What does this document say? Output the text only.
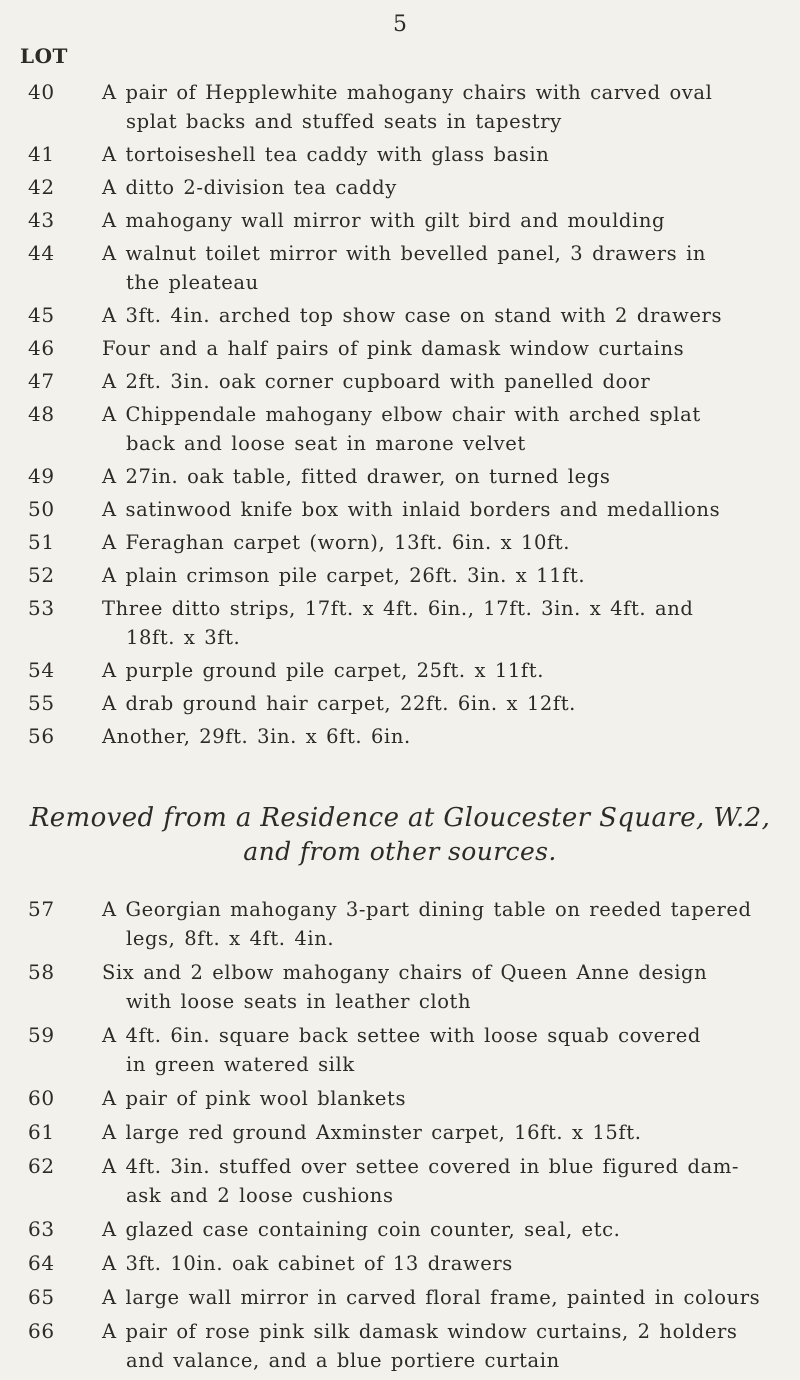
5
LOT
40 A pair of Hepplewhite mahogany chairs with carved oval
splat backs and stuffed seats in tapestry
41 A tortoiseshell tea caddy with glass basin
42 A ditto 2-division tea caddy
43 A mahogany wall mirror with gilt bird and moulding
44 A walnut toilet mirror with bevelled panel, 3 drawers in
the pleateau
45 A 3ft. 4in. arched top show case on stand with 2 drawers
46 Four and a half pairs of pink damask window curtains
47 A 2ft. 3in. oak corner cupboard with panelled door
48 A Chippendale mahogany elbow chair with arched splat
back and loose seat in marone velvet
49 A 27in. oak table, fitted drawer, on turned legs
50 A satinwood knife box with inlaid borders and medallions
51 A Feraghan carpet (worn), 13ft. 6in. x 10ft.
52 A plain crimson pile carpet, 26ft. 3in. x 11ft.
53 Three ditto strips, 17ft. x 4ft. 6in., 17ft. 3in. x 4ft. and
18ft. x 3ft.
54 A purple ground pile carpet, 25ft. x 11ft.
55 A drab ground hair carpet, 22ft. 6in. x 12ft.
56 Another, 29ft. 3in. x 6ft. 6in.
Removed from a Residence at Gloucester Square, W.2,
and from other sources.
57 A Georgian mahogany 3-part dining table on reeded tapered
legs, 8ft. x 4ft. 4in.
58 Six and 2 elbow mahogany chairs of Queen Anne design
with loose seats in leather cloth
59 A 4ft. 6in. square back settee with loose squab covered
in green watered silk
60 A pair of pink wool blankets
61 A large red ground Axminster carpet, 16ft. x 15ft.
62 A 4ft. 3in. stuffed over settee covered in blue figured dam-
ask and 2 loose cushions
63 A glazed case containing coin counter, seal, etc.
64 A 3ft. 10in. oak cabinet of 13 drawers
65 A large wall mirror in carved floral frame, painted in colours
66 A pair of rose pink silk damask window curtains, 2 holders
and valance, and a blue portiere curtain
